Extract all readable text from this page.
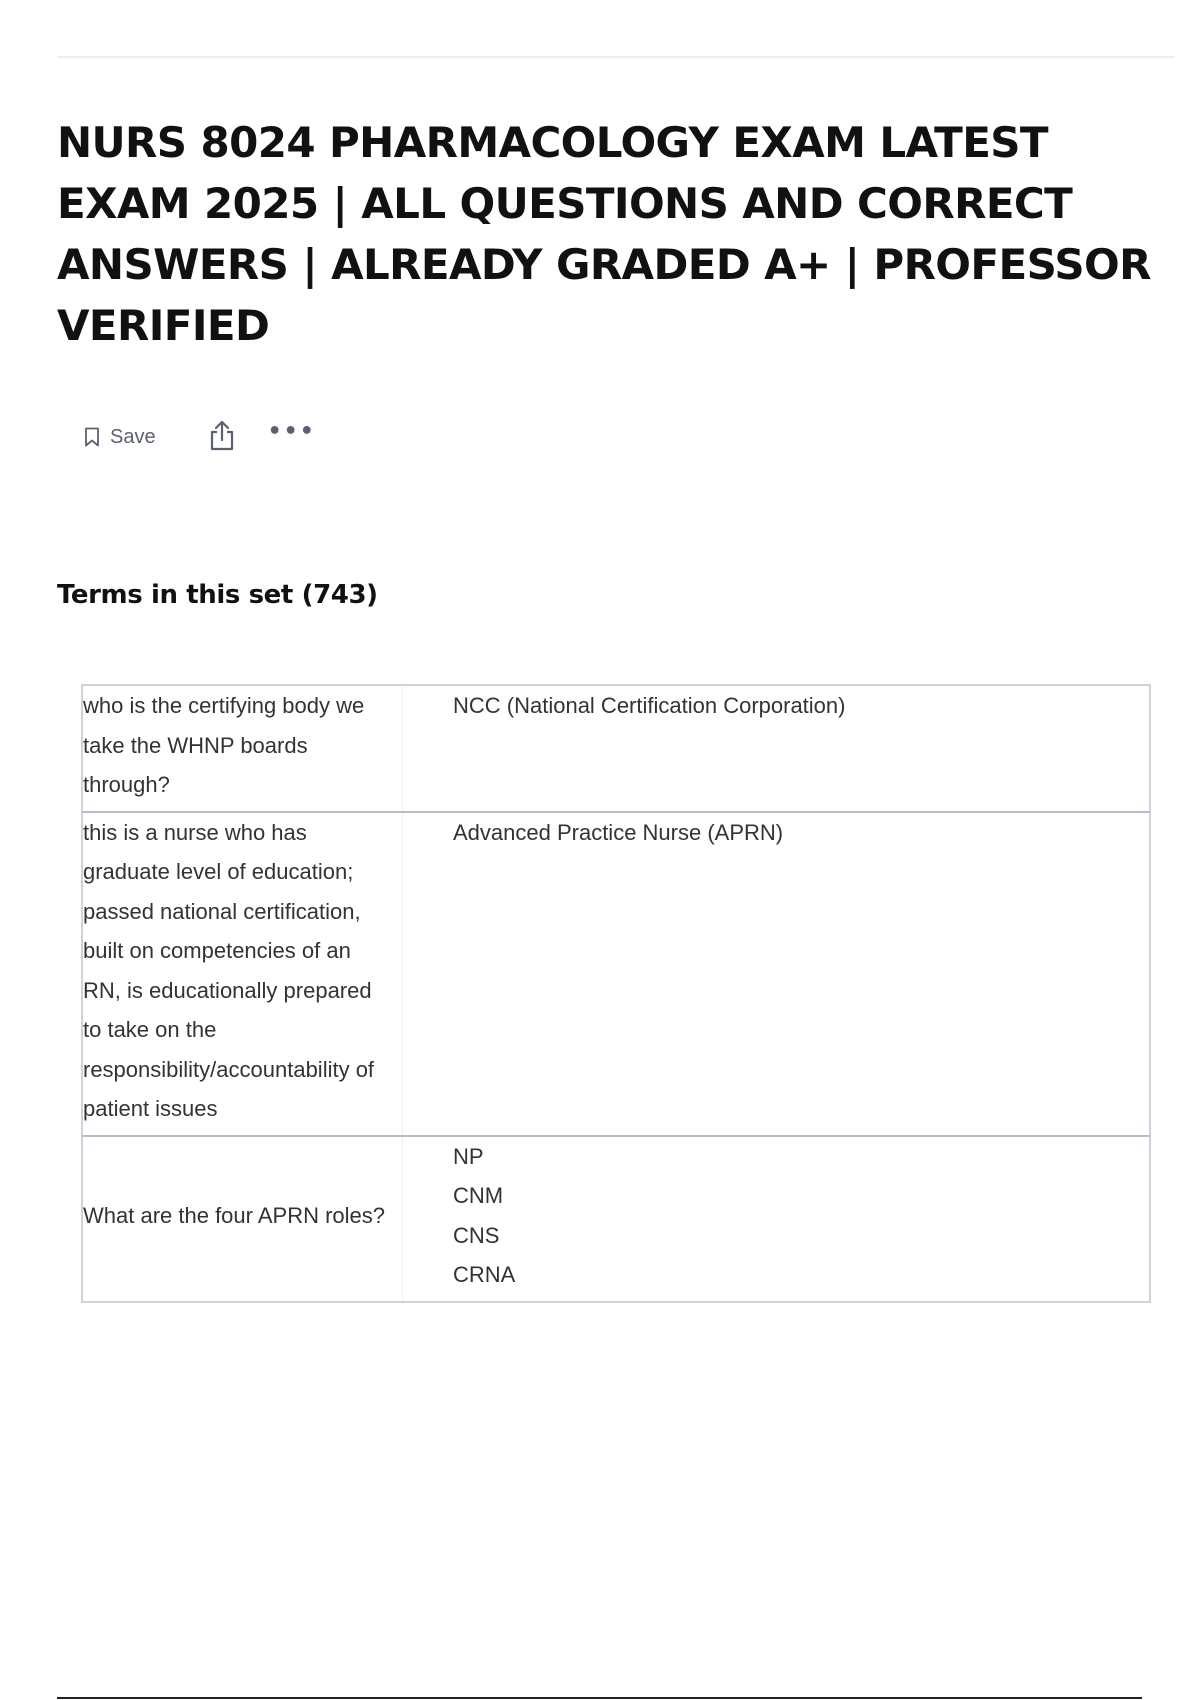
NURS 8024 PHARMACOLOGY EXAM LATEST EXAM 2025 | ALL QUESTIONS AND CORRECT ANSWERS | ALREADY GRADED A+ | PROFESSOR VERIFIED
Save	•••
Terms in this set (743)
who is the certifying body we take the WHNP boards through?
NCC (National Certification Corporation)
this is a nurse who has graduate level of education; passed national certification, built on competencies of an RN, is educationally prepared to take on the responsibility/accountability of patient issues
Advanced Practice Nurse (APRN)
What are the four APRN roles?
NP
CNM
CNS
CRNA
